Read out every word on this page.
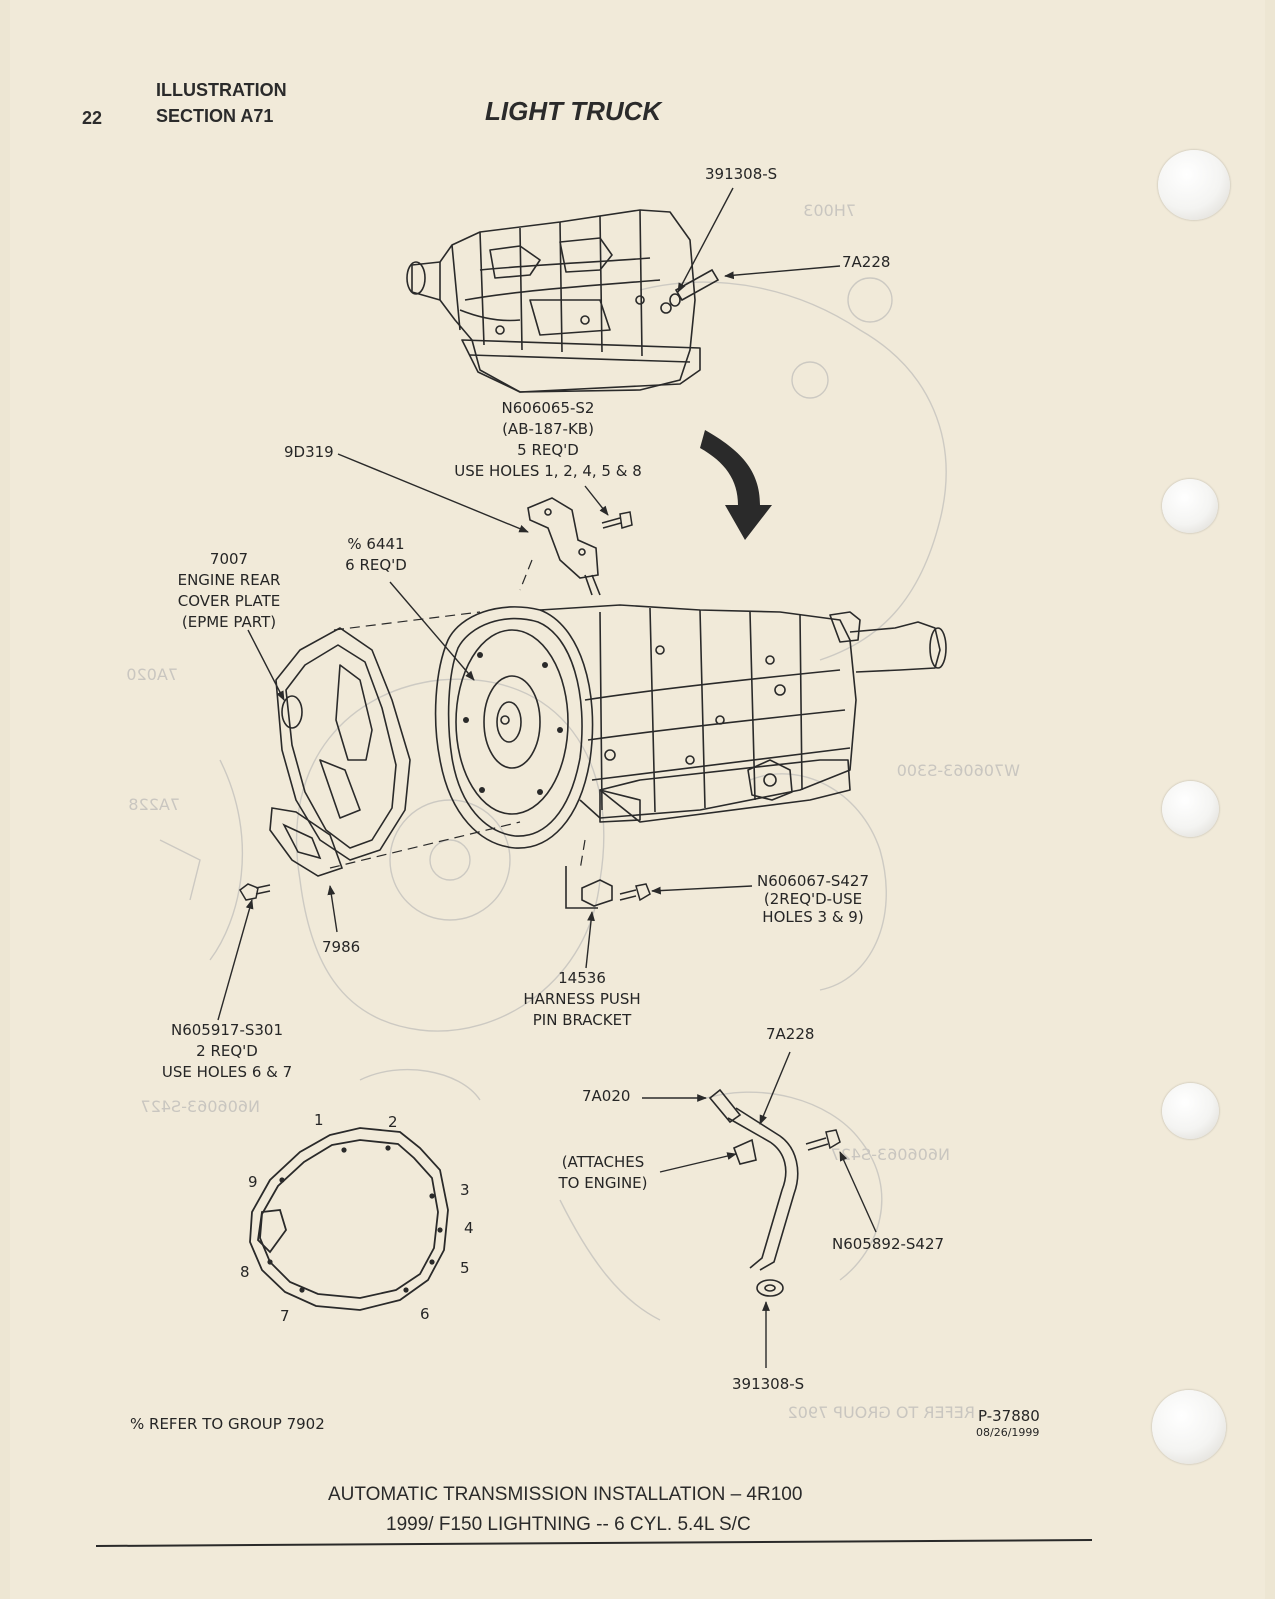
22
ILLUSTRATION
SECTION A71	LIGHT TRUCK
7H003
W706063-S300
7A228
7A020
REFER TO GROUP 7902
N606063-S427
N606063-S427
391308-S
7A228
N606065-S2
(AB-187-KB)
5 REQ'D
USE HOLES 1, 2, 4, 5 & 8
9D319
% 6441
6 REQ'D
7007
ENGINE REAR
COVER PLATE
(EPME PART)
7986
N605917-S301
2 REQ'D
USE HOLES 6 & 7
N606067-S427
(2REQ'D-USE
HOLES 3 & 9)
14536
HARNESS PUSH
PIN BRACKET
7A228
7A020
(ATTACHES
TO ENGINE)
N605892-S427
391308-S
1	2
3
4
5
6
7
8
9
% REFER TO GROUP 7902	P-37880
08/26/1999
AUTOMATIC TRANSMISSION INSTALLATION – 4R100
1999/ F150 LIGHTNING -- 6 CYL. 5.4L S/C
